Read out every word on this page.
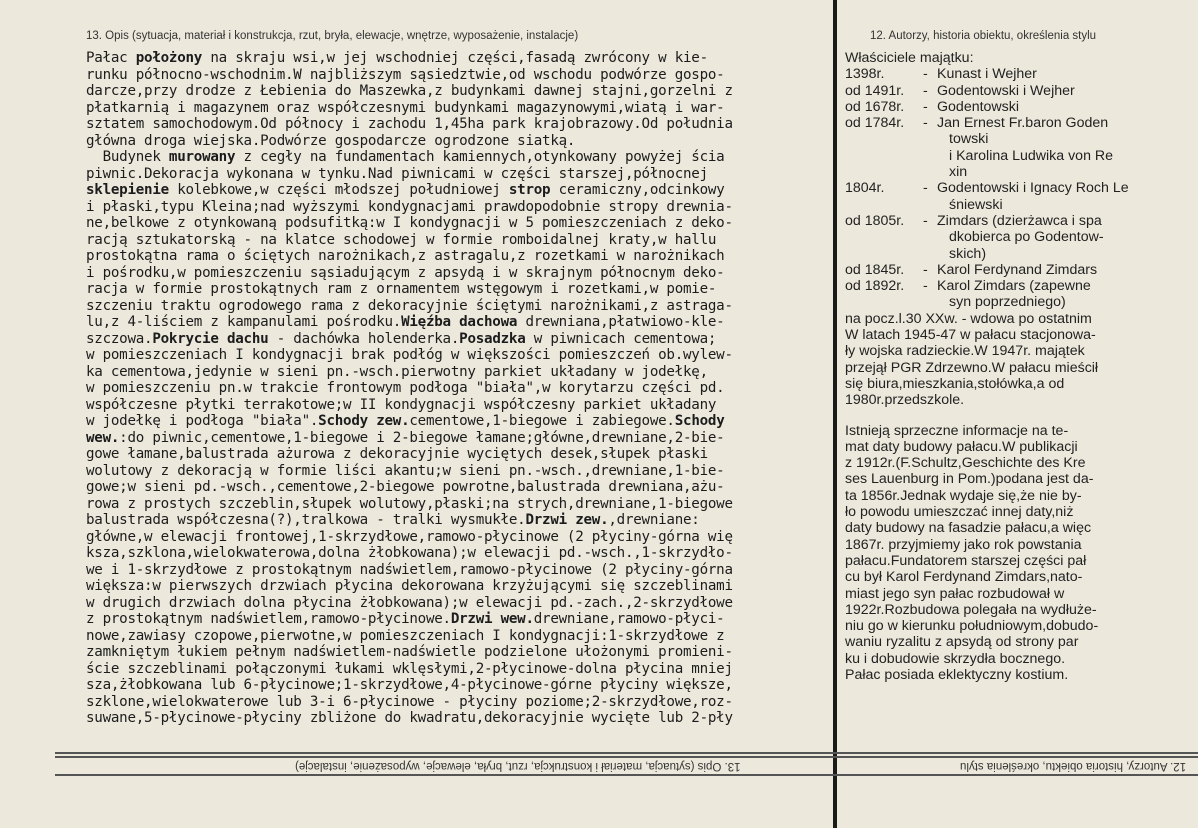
13. Opis (sytuacja, materiał i konstrukcja, rzut, bryła, elewacje, wnętrze, wyposażenie, instalacje)	12. Autorzy, historia obiektu, określenia stylu
Pałac położony na skraju wsi,w jej wschodniej części,fasadą zwrócony w kie-
runku północno-wschodnim.W najbliższym sąsiedztwie,od wschodu podwórze gospo-
darcze,przy drodze z Łebienia do Maszewka,z budynkami dawnej stajni,gorzelni z
płatkarnią i magazynem oraz współczesnymi budynkami magazynowymi,wiatą i war-
sztatem samochodowym.Od północy i zachodu 1,45ha park krajobrazowy.Od południa
główna droga wiejska.Podwórze gospodarcze ogrodzone siatką.
Budynek murowany z cegły na fundamentach kamiennych,otynkowany powyżej ścia
piwnic.Dekoracja wykonana w tynku.Nad piwnicami w części starszej,północnej
sklepienie kolebkowe,w części młodszej południowej strop ceramiczny,odcinkowy
i płaski,typu Kleina;nad wyższymi kondygnacjami prawdopodobnie stropy drewnia-
ne,belkowe z otynkowaną podsufitką:w I kondygnacji w 5 pomieszczeniach z deko-
racją sztukatorską - na klatce schodowej w formie romboidalnej kraty,w hallu
prostokątna rama o ściętych narożnikach,z astragalu,z rozetkami w narożnikach
i pośrodku,w pomieszczeniu sąsiadującym z apsydą i w skrajnym północnym deko-
racja w formie prostokątnych ram z ornamentem wstęgowym i rozetkami,w pomie-
szczeniu traktu ogrodowego rama z dekoracyjnie ściętymi narożnikami,z astraga-
lu,z 4-liściem z kampanulami pośrodku.Więźba dachowa drewniana,płatwiowo-kle-
szczowa.Pokrycie dachu - dachówka holenderka.Posadzka w piwnicach cementowa;
w pomieszczeniach I kondygnacji brak podłóg w większości pomieszczeń ob.wylew-
ka cementowa,jedynie w sieni pn.-wsch.pierwotny parkiet układany w jodełkę,
w pomieszczeniu pn.w trakcie frontowym podłoga "biała",w korytarzu części pd.
współczesne płytki terrakotowe;w II kondygnacji współczesny parkiet układany
w jodełkę i podłoga "biała".Schody zew.cementowe,1-biegowe i zabiegowe.Schody
wew.:do piwnic,cementowe,1-biegowe i 2-biegowe łamane;główne,drewniane,2-bie-
gowe łamane,balustrada ażurowa z dekoracyjnie wyciętych desek,słupek płaski
wolutowy z dekoracją w formie liści akantu;w sieni pn.-wsch.,drewniane,1-bie-
gowe;w sieni pd.-wsch.,cementowe,2-biegowe powrotne,balustrada drewniana,ażu-
rowa z prostych szczeblin,słupek wolutowy,płaski;na strych,drewniane,1-biegowe
balustrada współczesna(?),tralkowa - tralki wysmukłe.Drzwi zew.,drewniane:
główne,w elewacji frontowej,1-skrzydłowe,ramowo-płycinowe (2 płyciny-górna wię
ksza,szklona,wielokwaterowa,dolna żłobkowana);w elewacji pd.-wsch.,1-skrzydło-
we i 1-skrzydłowe z prostokątnym nadświetlem,ramowo-płycinowe (2 płyciny-górna
większa:w pierwszych drzwiach płycina dekorowana krzyżującymi się szczeblinami
w drugich drzwiach dolna płycina żłobkowana);w elewacji pd.-zach.,2-skrzydłowe
z prostokątnym nadświetlem,ramowo-płycinowe.Drzwi wew.drewniane,ramowo-płyci-
nowe,zawiasy czopowe,pierwotne,w pomieszczeniach I kondygnacji:1-skrzydłowe z
zamkniętym łukiem pełnym nadświetlem-nadświetle podzielone ułożonymi promieni-
ście szczeblinami połączonymi łukami wklęsłymi,2-płycinowe-dolna płycina mniej
sza,żłobkowana lub 6-płycinowe;1-skrzydłowe,4-płycinowe-górne płyciny większe,
szklone,wielokwaterowe lub 3-i 6-płycinowe - płyciny poziome;2-skrzydłowe,roz-
suwane,5-płycinowe-płyciny zbliżone do kwadratu,dekoracyjnie wycięte lub 2-pły
Właściciele majątku:
1398r.	- Kunast i Wejher
od 1491r.	- Godentowski i Wejher
od 1678r.	- Godentowski
od 1784r.	- Jan Ernest Fr.baron Goden
towski
i Karolina Ludwika von Re
xin
1804r.	- Godentowski i Ignacy Roch Le
śniewski
od 1805r.	- Zimdars (dzierżawca i spa
dkobierca po Godentow-
skich)
od 1845r.	- Karol Ferdynand Zimdars
od 1892r.	- Karol Zimdars (zapewne
syn poprzedniego)
na pocz.l.30 XXw. - wdowa po ostatnim
W latach 1945-47 w pałacu stacjonowa-
ły wojska radzieckie.W 1947r. majątek
przejął PGR Zdrzewno.W pałacu mieścił
się biura,mieszkania,stołówka,a od
1980r.przedszkole.
Istnieją sprzeczne informacje na te-
mat daty budowy pałacu.W publikacji
z 1912r.(F.Schultz,Geschichte des Kre
ses Lauenburg in Pom.)podana jest da-
ta 1856r.Jednak wydaje się,że nie by-
ło powodu umieszczać innej daty,niż
daty budowy na fasadzie pałacu,a więc
1867r. przyjmiemy jako rok powstania
pałacu.Fundatorem starszej części pał
cu był Karol Ferdynand Zimdars,nato-
miast jego syn pałac rozbudował w
1922r.Rozbudowa polegała na wydłuże-
niu go w kierunku południowym,dobudo-
waniu ryzalitu z apsydą od strony par
ku i dobudowie skrzydła bocznego.
Pałac posiada eklektyczny kostium.
13. Opis (sytuacja, materiał i konstrukcja, rzut, bryła, elewacje, wyposażenie, instalacje)	12. Autorzy, historia obiektu, określenia stylu
